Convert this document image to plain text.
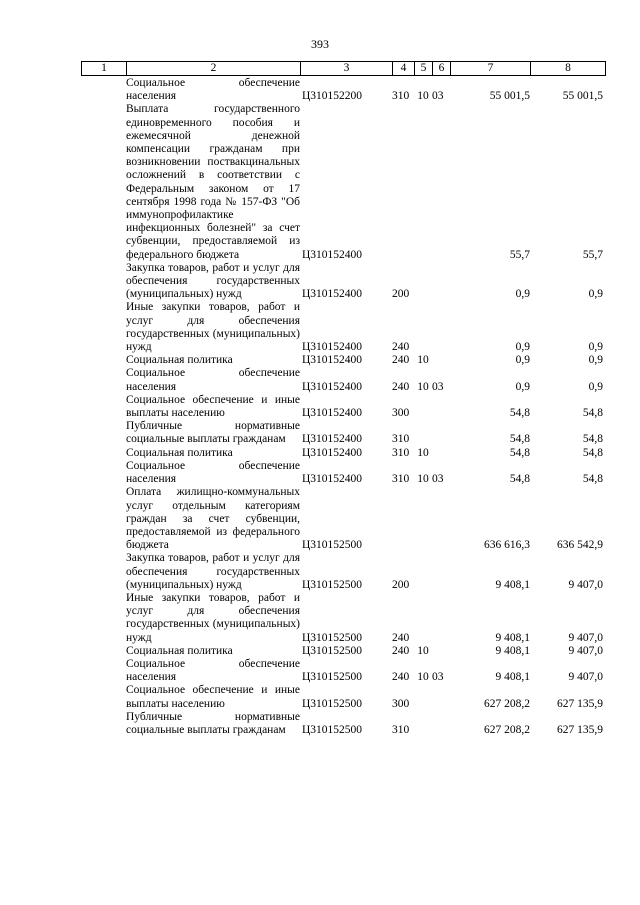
393
1	2	3	4	5	6	7	8
Социальное обеспечение населения	Ц310152200	310 10 03	55 001,5	55 001,5
Выплата государственного единовременного пособия и ежемесячной денежной компенсации гражданам при возникновении поствакцинальных осложнений в соответствии с Федеральным законом от 17 сентября 1998 года № 157-ФЗ "Об иммунопрофилактике инфекционных болезней" за счет субвенции, предоставляемой из федерального бюджета	Ц310152400	55,7	55,7
Закупка товаров, работ и услуг для обеспечения государственных (муниципальных) нужд	Ц310152400	200	0,9	0,9
Иные закупки товаров, работ и услуг для обеспечения государственных (муниципальных) нужд	Ц310152400	240	0,9	0,9
Социальная политика	Ц310152400	240 10	0,9	0,9
Социальное обеспечение населения	Ц310152400	240 10 03	0,9	0,9
Социальное обеспечение и иные выплаты населению	Ц310152400	300	54,8	54,8
Публичные нормативные социальные выплаты гражданам	Ц310152400	310	54,8	54,8
Социальная политика	Ц310152400	310 10	54,8	54,8
Социальное обеспечение населения	Ц310152400	310 10 03	54,8	54,8
Оплата жилищно-коммунальных услуг отдельным категориям граждан за счет субвенции, предоставляемой из федерального бюджета	Ц310152500	636 616,3	636 542,9
Закупка товаров, работ и услуг для обеспечения государственных (муниципальных) нужд	Ц310152500	200	9 408,1	9 407,0
Иные закупки товаров, работ и услуг для обеспечения государственных (муниципальных) нужд	Ц310152500	240	9 408,1	9 407,0
Социальная политика	Ц310152500	240 10	9 408,1	9 407,0
Социальное обеспечение населения	Ц310152500	240 10 03	9 408,1	9 407,0
Социальное обеспечение и иные выплаты населению	Ц310152500	300	627 208,2	627 135,9
Публичные нормативные социальные выплаты гражданам	Ц310152500	310	627 208,2	627 135,9
